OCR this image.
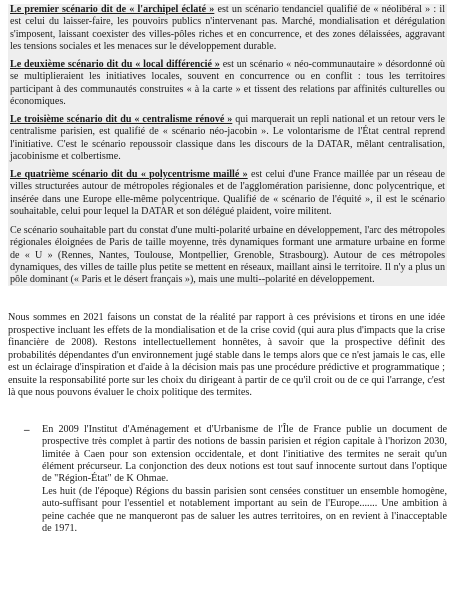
Le premier scénario dit de « l'archipel éclaté » est un scénario tendanciel qualifié de « néolibéral » : il est celui du laisser-faire, les pouvoirs publics n'intervenant pas. Marché, mondialisation et dérégulation s'imposent, laissant coexister des villes-pôles riches et en concurrence, et des zones délaissées, aggravant les tensions sociales et les menaces sur le développement durable.

Le deuxième scénario dit du « local différencié » est un scénario « néo-communautaire » désordonné où se multiplieraient les initiatives locales, souvent en concurrence ou en conflit : tous les territoires participant à des communautés construites « à la carte » et tissent des relations par affinités culturelles ou économiques.

Le troisième scénario dit du « centralisme rénové » qui marquerait un repli national et un retour vers le centralisme parisien, est qualifié de « scénario néo-jacobin ». Le volontarisme de l'État central reprend l'initiative. C'est le scénario repoussoir classique dans les discours de la DATAR, mêlant centralisation, jacobinisme et colbertisme.

Le quatrième scénario dit du « polycentrisme maillé » est celui d'une France maillée par un réseau de villes structurées autour de métropoles régionales et de l'agglomération parisienne, donc polycentrique, et insérée dans une Europe elle-même polycentrique. Qualifié de « scénario de l'équité », il est le scénario souhaitable, celui pour lequel la DATAR et son délégué plaident, voire militent.

Ce scénario souhaitable part du constat d'une multi-polarité urbaine en développement, l'arc des métropoles régionales éloignées de Paris de taille moyenne, très dynamiques formant une armature urbaine en forme de « U » (Rennes, Nantes, Toulouse, Montpellier, Grenoble, Strasbourg). Autour de ces métropoles dynamiques, des villes de taille plus petite se mettent en réseaux, maillant ainsi le territoire. Il n'y a plus un pôle dominant (« Paris et le désert français »), mais une multi--polarité en développement.

Nous sommes en 2021 faisons un constat de la réalité par rapport à ces prévisions et tirons en une idée prospective incluant les effets de la mondialisation et de la crise covid (qui aura plus d'impacts que la crise financière de 2008). Restons intellectuellement honnêtes, à savoir que la prospective définit des probabilités dépendantes d'un environnement jugé stable dans le temps alors que ce n'est jamais le cas, elle est un éclairage d'inspiration et d'aide à la décision mais pas une procédure prédictive et programmatique ; ensuite la responsabilité porte sur les choix du dirigeant à partir de ce qu'il croit ou de ce qui l'arrange, c'est là que nous pouvons évaluer le choix politique des termites.

– En 2009 l'Institut d'Aménagement et d'Urbanisme de l'Île de France publie un document de prospective très complet à partir des notions de bassin parisien et région capitale à l'horizon 2030, limitée à Caen pour son extension occidentale, et dont l'initiative des termites ne serait qu'un élément précurseur. La conjonction des deux notions est tout sauf innocente surtout dans l'optique de "Région-État" de K Ohmae.

Les huit (de l'époque) Régions du bassin parisien sont censées constituer un ensemble homogène, auto-suffisant pour l'essentiel et notablement important au sein de l'Europe....... Une ambition à peine cachée que ne manqueront pas de saluer les autres territoires, on en revient à l'inacceptable de 1971.
